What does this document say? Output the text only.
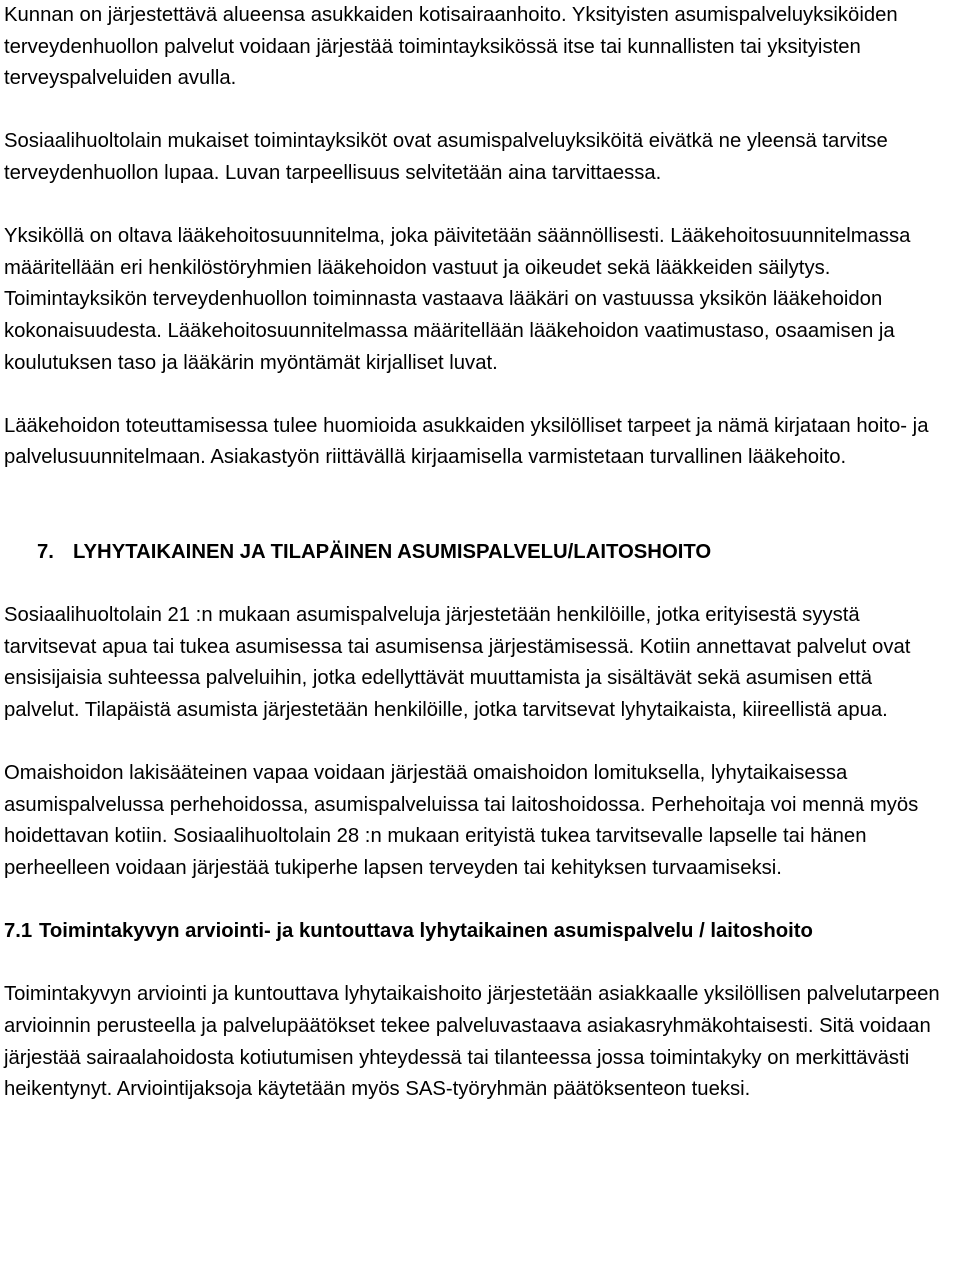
Kunnan on järjestettävä alueensa asukkaiden kotisairaanhoito. Yksityisten asumispalveluyksiköiden terveydenhuollon palvelut voidaan järjestää toimintayksikössä itse tai kunnallisten tai yksityisten terveyspalveluiden avulla.

Sosiaalihuoltolain mukaiset toimintayksiköt ovat asumispalveluyksiköitä eivätkä ne yleensä tarvitse terveydenhuollon lupaa. Luvan tarpeellisuus selvitetään aina tarvittaessa.

Yksiköllä on oltava lääkehoitosuunnitelma, joka päivitetään säännöllisesti. Lääkehoitosuunnitelmassa määritellään eri henkilöstöryhmien lääkehoidon vastuut ja oikeudet sekä lääkkeiden säilytys. Toimintayksikön terveydenhuollon toiminnasta vastaava lääkäri on vastuussa yksikön lääkehoidon kokonaisuudesta. Lääkehoitosuunnitelmassa määritellään lääkehoidon vaatimustaso, osaamisen ja koulutuksen taso ja lääkärin myöntämät kirjalliset luvat.

Lääkehoidon toteuttamisessa tulee huomioida asukkaiden yksilölliset tarpeet ja nämä kirjataan hoito- ja palvelusuunnitelmaan. Asiakastyön riittävällä kirjaamisella varmistetaan turvallinen lääkehoito.

7. LYHYTAIKAINEN JA TILAPÄINEN ASUMISPALVELU/LAITOSHOITO

Sosiaalihuoltolain 21 :n mukaan asumispalveluja järjestetään henkilöille, jotka erityisestä syystä tarvitsevat apua tai tukea asumisessa tai asumisensa järjestämisessä. Kotiin annettavat palvelut ovat ensisijaisia suhteessa palveluihin, jotka edellyttävät muuttamista ja sisältävät sekä asumisen että palvelut. Tilapäistä asumista järjestetään henkilöille, jotka tarvitsevat lyhytaikaista, kiireellistä apua.

Omaishoidon lakisääteinen vapaa voidaan järjestää omaishoidon lomituksella, lyhytaikaisessa asumispalvelussa perhehoidossa, asumispalveluissa tai laitoshoidossa. Perhehoitaja voi mennä myös hoidettavan kotiin. Sosiaalihuoltolain 28 :n mukaan erityistä tukea tarvitsevalle lapselle tai hänen perheelleen voidaan järjestää tukiperhe lapsen terveyden tai kehityksen turvaamiseksi.

7.1 Toimintakyvyn arviointi- ja kuntouttava lyhytaikainen asumispalvelu / laitoshoito

Toimintakyvyn arviointi ja kuntouttava lyhytaikaishoito järjestetään asiakkaalle yksilöllisen palvelutarpeen arvioinnin perusteella ja palvelupäätökset tekee palveluvastaava asiakasryhmäkohtaisesti. Sitä voidaan järjestää sairaalahoidosta kotiutumisen yhteydessä tai tilanteessa jossa toimintakyky on merkittävästi heikentynyt. Arviointijaksoja käytetään myös SAS-työryhmän päätöksenteon tueksi.
